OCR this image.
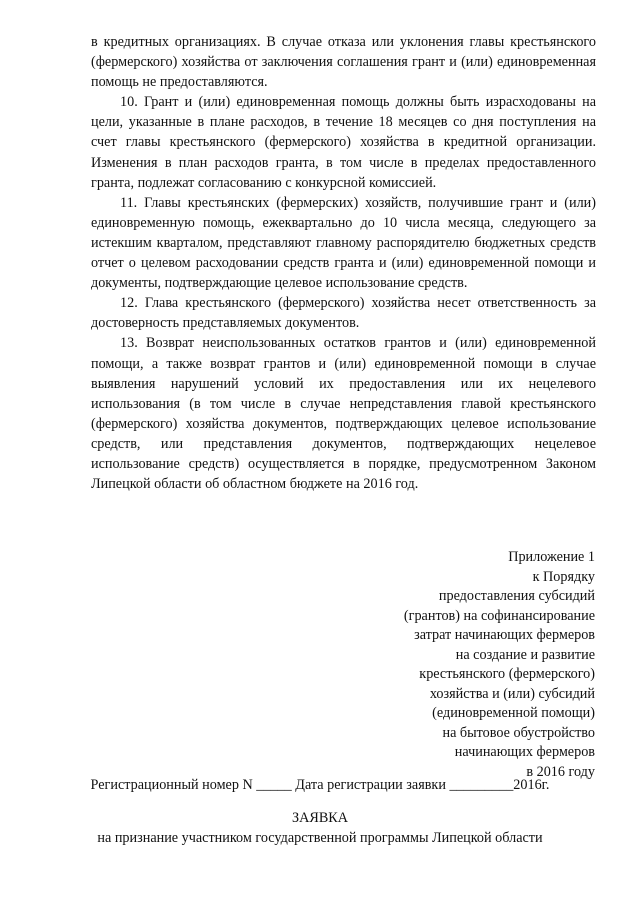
в кредитных организациях. В случае отказа или уклонения главы крестьянского (фермерского) хозяйства от заключения соглашения грант и (или) единовременная помощь не предоставляются.

10. Грант и (или) единовременная помощь должны быть израсходованы на цели, указанные в плане расходов, в течение 18 месяцев со дня поступления на счет главы крестьянского (фермерского) хозяйства в кредитной организации. Изменения в план расходов гранта, в том числе в пределах предоставленного гранта, подлежат согласованию с конкурсной комиссией.

11. Главы крестьянских (фермерских) хозяйств, получившие грант и (или) единовременную помощь, ежеквартально до 10 числа месяца, следующего за истекшим кварталом, представляют главному распорядителю бюджетных средств отчет о целевом расходовании средств гранта и (или) единовременной помощи и документы, подтверждающие целевое использование средств.

12. Глава крестьянского (фермерского) хозяйства несет ответственность за достоверность представляемых документов.

13. Возврат неиспользованных остатков грантов и (или) единовременной помощи, а также возврат грантов и (или) единовременной помощи в случае выявления нарушений условий их предоставления или их нецелевого использования (в том числе в случае непредставления главой крестьянского (фермерского) хозяйства документов, подтверждающих целевое использование средств, или представления документов, подтверждающих нецелевое использование средств) осуществляется в порядке, предусмотренном Законом Липецкой области об областном бюджете на 2016 год.

Приложение 1
к Порядку
предоставления субсидий
(грантов) на софинансирование
затрат начинающих фермеров
на создание и развитие
крестьянского (фермерского)
хозяйства и (или) субсидий
(единовременной помощи)
на бытовое обустройство
начинающих фермеров
в 2016 году
Регистрационный номер N _____ Дата регистрации заявки _________2016г.
ЗАЯВКА
на признание участником государственной программы Липецкой области
